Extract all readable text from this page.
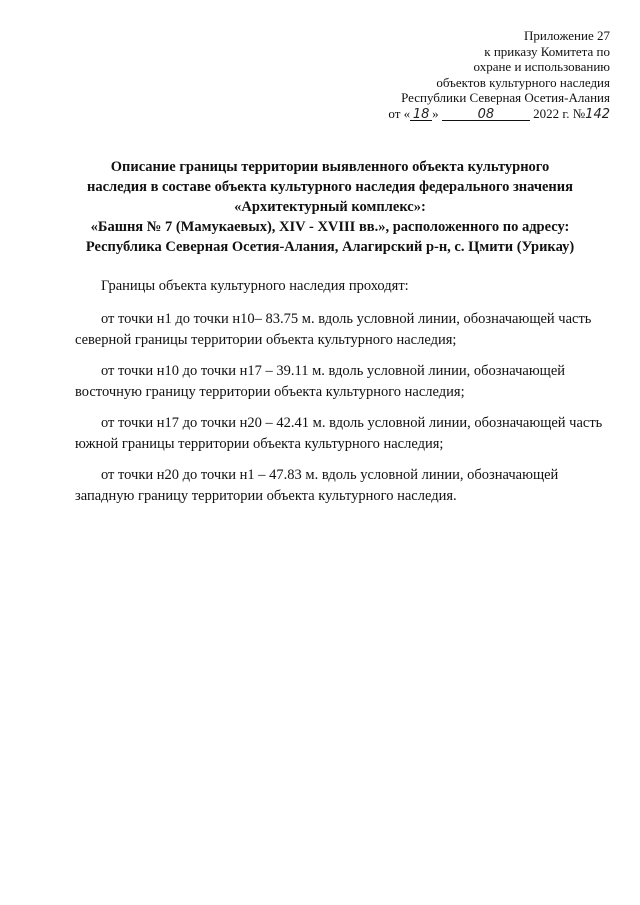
Приложение 27
к приказу Комитета по
охране и использованию
объектов культурного наследия
Республики Северная Осетия-Алания
от « 18 »	08	2022 г. №142
Описание границы территории выявленного объекта культурного
наследия в составе объекта культурного наследия федерального значения
«Архитектурный комплекс»:
«Башня № 7 (Мамукаевых), XIV - XVIII вв.», расположенного по адресу:
Республика Северная Осетия-Алания, Алагирский р-н, с. Цмити (Урикау)

Границы объекта культурного наследия проходят:

от точки н1 до точки н10– 83.75 м. вдоль условной линии, обозначающей часть северной границы территории объекта культурного наследия;

от точки н10 до точки н17 – 39.11 м. вдоль условной линии, обозначающей восточную границу территории объекта культурного наследия;

от точки н17 до точки н20 – 42.41 м. вдоль условной линии, обозначающей часть южной границы территории объекта культурного наследия;

от точки н20 до точки н1 – 47.83 м. вдоль условной линии, обозначающей западную границу территории объекта культурного наследия.
